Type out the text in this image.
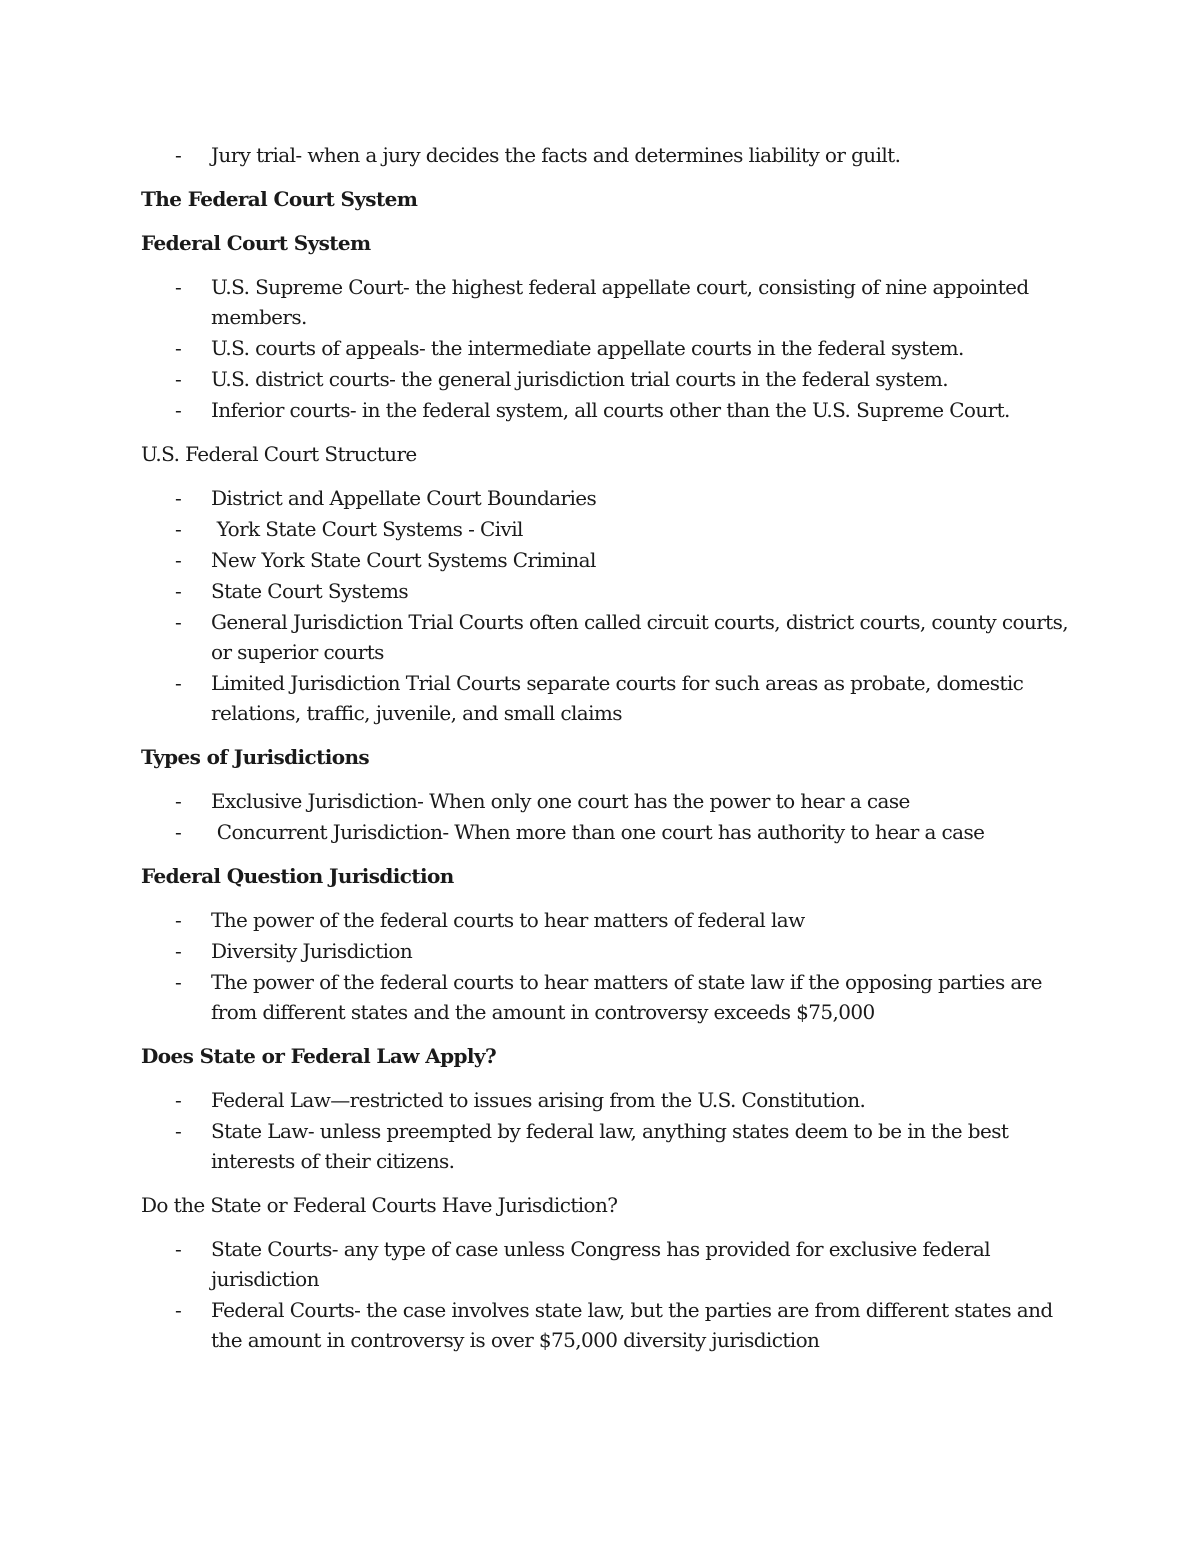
- Jury trial- when a jury decides the facts and determines liability or guilt.
The Federal Court System
Federal Court System
- U.S. Supreme Court- the highest federal appellate court, consisting of nine appointed members.
- U.S. courts of appeals- the intermediate appellate courts in the federal system.
- U.S. district courts- the general jurisdiction trial courts in the federal system.
- Inferior courts- in the federal system, all courts other than the U.S. Supreme Court.
U.S. Federal Court Structure
- District and Appellate Court Boundaries
- York State Court Systems - Civil
- New York State Court Systems Criminal
- State Court Systems
- General Jurisdiction Trial Courts often called circuit courts, district courts, county courts, or superior courts
- Limited Jurisdiction Trial Courts separate courts for such areas as probate, domestic relations, traffic, juvenile, and small claims
Types of Jurisdictions
- Exclusive Jurisdiction- When only one court has the power to hear a case
- Concurrent Jurisdiction- When more than one court has authority to hear a case
Federal Question Jurisdiction
- The power of the federal courts to hear matters of federal law
- Diversity Jurisdiction
- The power of the federal courts to hear matters of state law if the opposing parties are from different states and the amount in controversy exceeds $75,000
Does State or Federal Law Apply?
- Federal Law—restricted to issues arising from the U.S. Constitution.
- State Law- unless preempted by federal law, anything states deem to be in the best interests of their citizens.
Do the State or Federal Courts Have Jurisdiction?
- State Courts- any type of case unless Congress has provided for exclusive federal jurisdiction
- Federal Courts- the case involves state law, but the parties are from different states and the amount in controversy is over $75,000 diversity jurisdiction
